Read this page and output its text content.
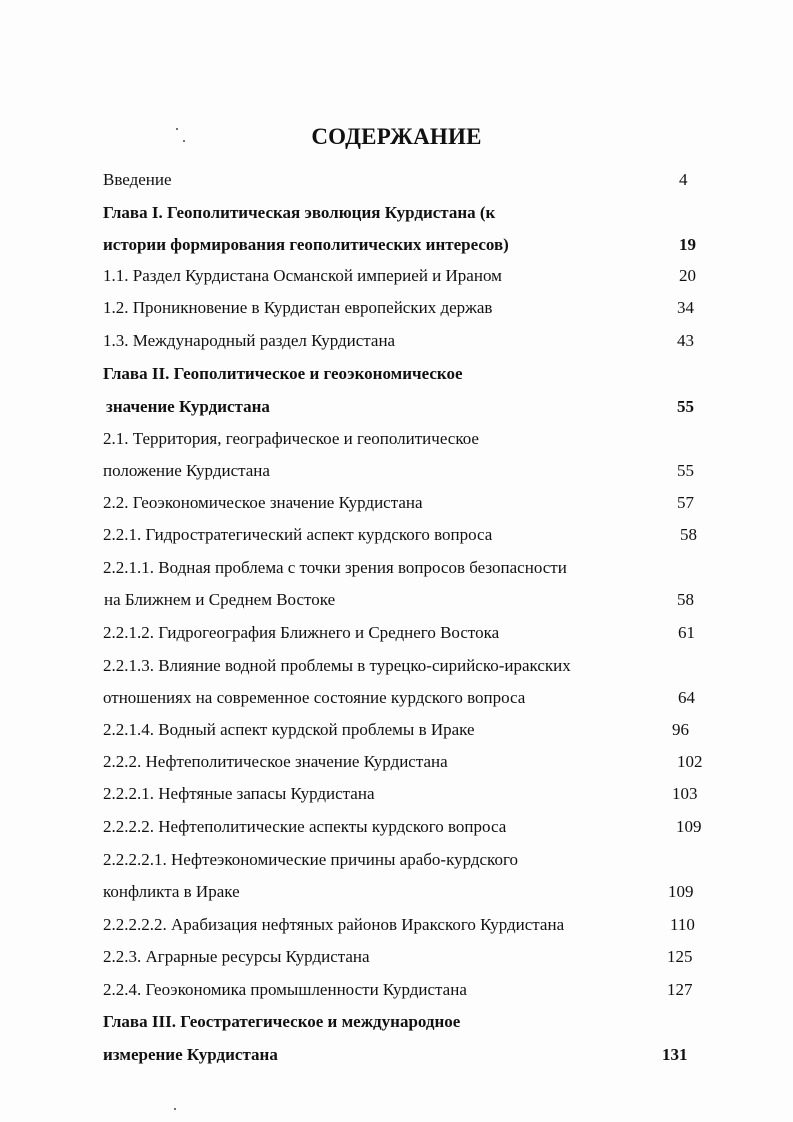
СОДЕРЖАНИЕ
Введение	4
Глава I. Геополитическая эволюция Курдистана (к
истории формирования геополитических интересов)	19
1.1. Раздел Курдистана Османской империей и Ираном	20
1.2. Проникновение в Курдистан европейских держав	34
1.3. Международный раздел Курдистана	43
Глава II. Геополитическое и геоэкономическое
значение Курдистана	55
2.1. Территория, географическое и геополитическое
положение Курдистана	55
2.2. Геоэкономическое значение Курдистана	57
2.2.1. Гидростратегический аспект курдского вопроса	58
2.2.1.1. Водная проблема с точки зрения вопросов безопасности
на Ближнем и Среднем Востоке	58
2.2.1.2. Гидрогеография Ближнего и Среднего Востока	61
2.2.1.3. Влияние водной проблемы в турецко-сирийско-иракских
отношениях на современное состояние курдского вопроса	64
2.2.1.4. Водный аспект курдской проблемы в Ираке	96
2.2.2. Нефтеполитическое значение Курдистана	102
2.2.2.1. Нефтяные запасы Курдистана	103
2.2.2.2. Нефтеполитические аспекты курдского вопроса	109
2.2.2.2.1. Нефтеэкономические причины арабо-курдского
конфликта в Ираке	109
2.2.2.2.2. Арабизация нефтяных районов Иракского Курдистана	110
2.2.3. Аграрные ресурсы Курдистана	125
2.2.4. Геоэкономика промышленности Курдистана	127
Глава III. Геостратегическое и международное
измерение Курдистана	131
